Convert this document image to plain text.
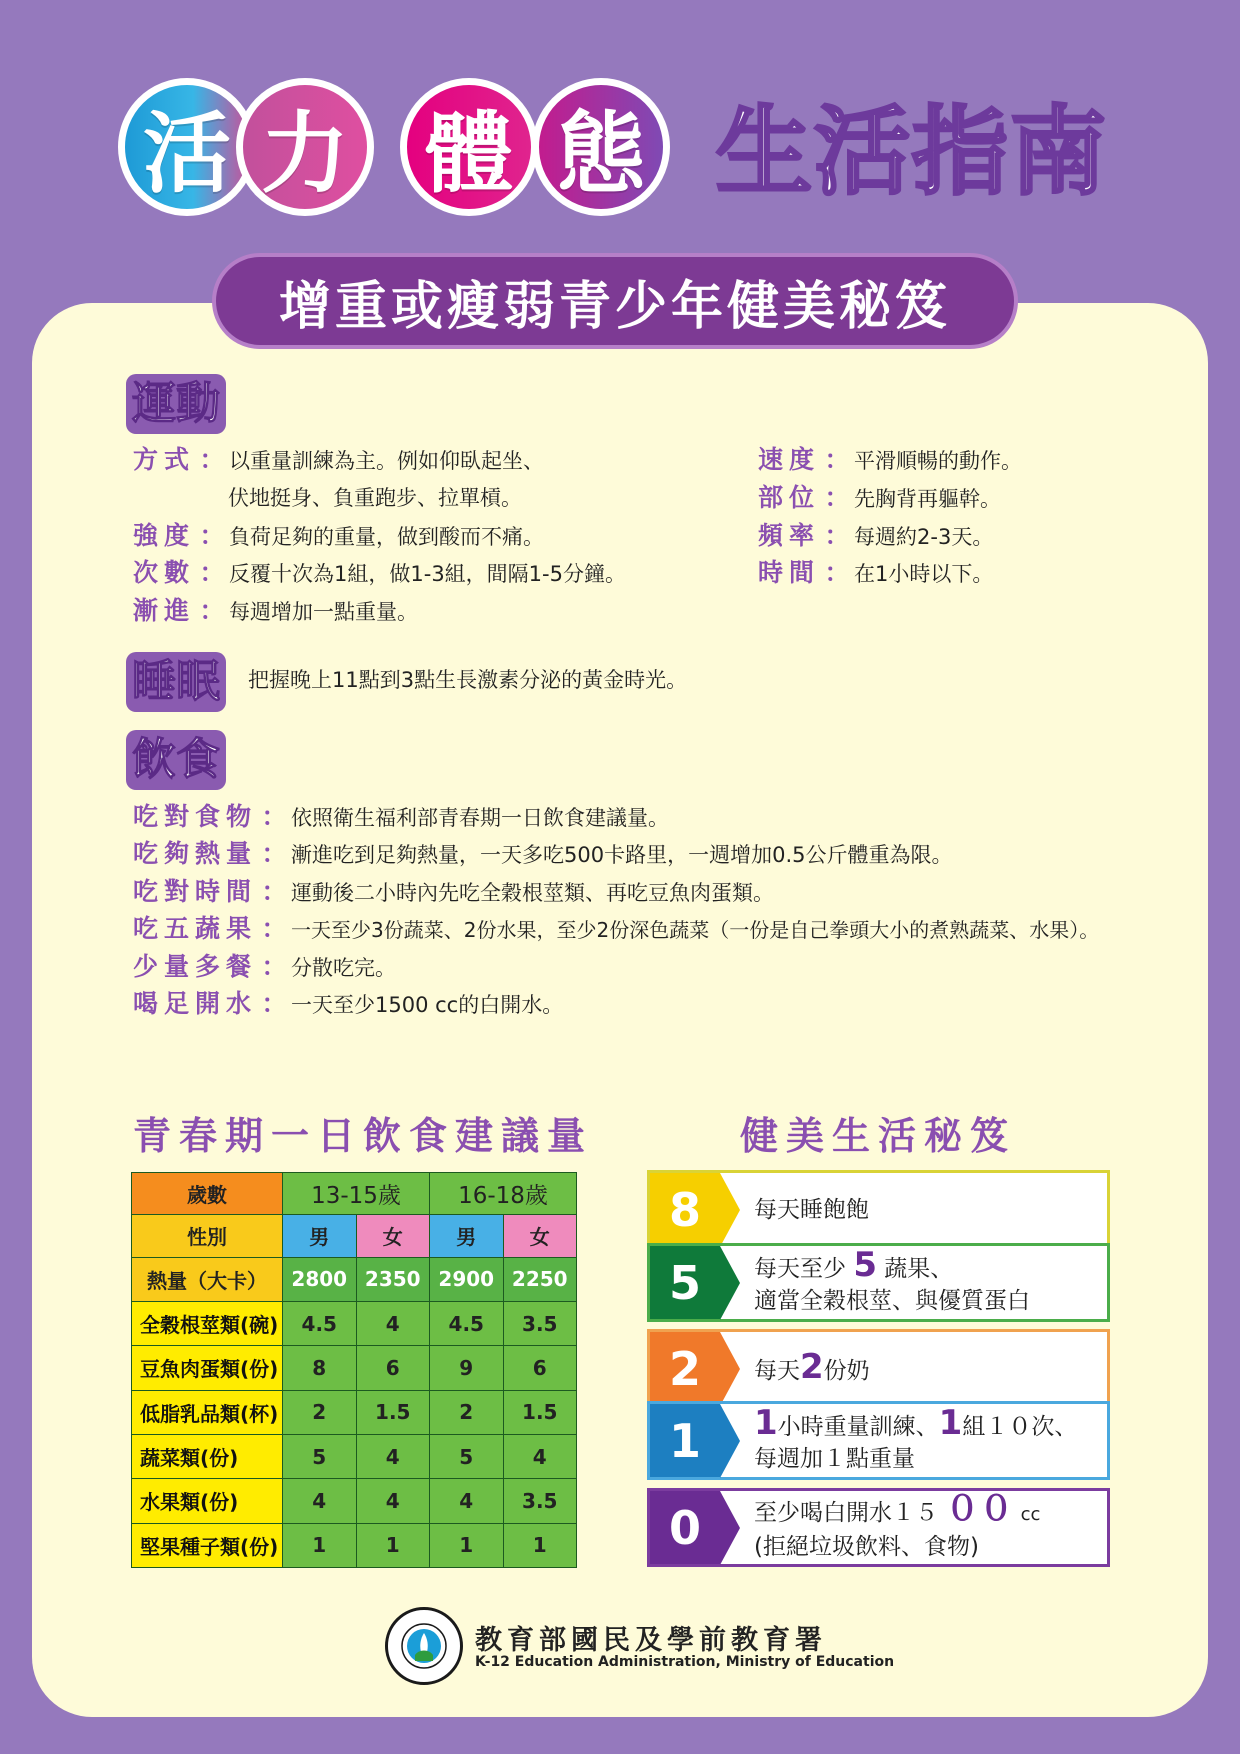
活 力 體 態 生活指南
增重或瘦弱青少年健美秘笈
運動
方式 ： 以重量訓練為主。例如仰臥起坐、
伏地挺身、負重跑步、拉單槓。
強度 ： 負荷足夠的重量，做到酸而不痛。
次數 ： 反覆十次為1組，做1-3組，間隔1-5分鐘。
漸進 ： 每週增加一點重量。
速度 ： 平滑順暢的動作。
部位 ： 先胸背再軀幹。
頻率 ： 每週約2-3天。
時間 ： 在1小時以下。
睡眠 把握晚上11點到3點生長激素分泌的黃金時光。
飲食
吃對食物 ： 依照衛生福利部青春期一日飲食建議量。
吃夠熱量 ： 漸進吃到足夠熱量，一天多吃500卡路里，一週增加0.5公斤體重為限。
吃對時間 ： 運動後二小時內先吃全穀根莖類、再吃豆魚肉蛋類。
吃五蔬果 ： 一天至少3份蔬菜、2份水果，至少2份深色蔬菜（一份是自己拳頭大小的煮熟蔬菜、水果）。
少量多餐 ： 分散吃完。
喝足開水 ： 一天至少1500 cc的白開水。
青春期一日飲食建議量
歲數	13-15歲		16-18歲	
性別	男	女	男	女
熱量（大卡）	2800	2350	2900	2250
全穀根莖類(碗)	4.5	4	4.5	3.5
豆魚肉蛋類(份)	8	6	9	6
低脂乳品類(杯)	2	1.5	2	1.5
蔬菜類(份)	5	4	5	4
水果類(份)	4	4	4	3.5
堅果種子類(份)	1	1	1	1
健美生活秘笈
8	每天睡飽飽
5	每天至少 5 蔬果、
適當全穀根莖、與優質蛋白
2	每天2份奶
1	1小時重量訓練、1組１０次、
每週加１點重量
0	至少喝白開水１５ ００ cc
(拒絕垃圾飲料、食物)
教育部國民及學前教育署
K-12 Education Administration, Ministry of Education
